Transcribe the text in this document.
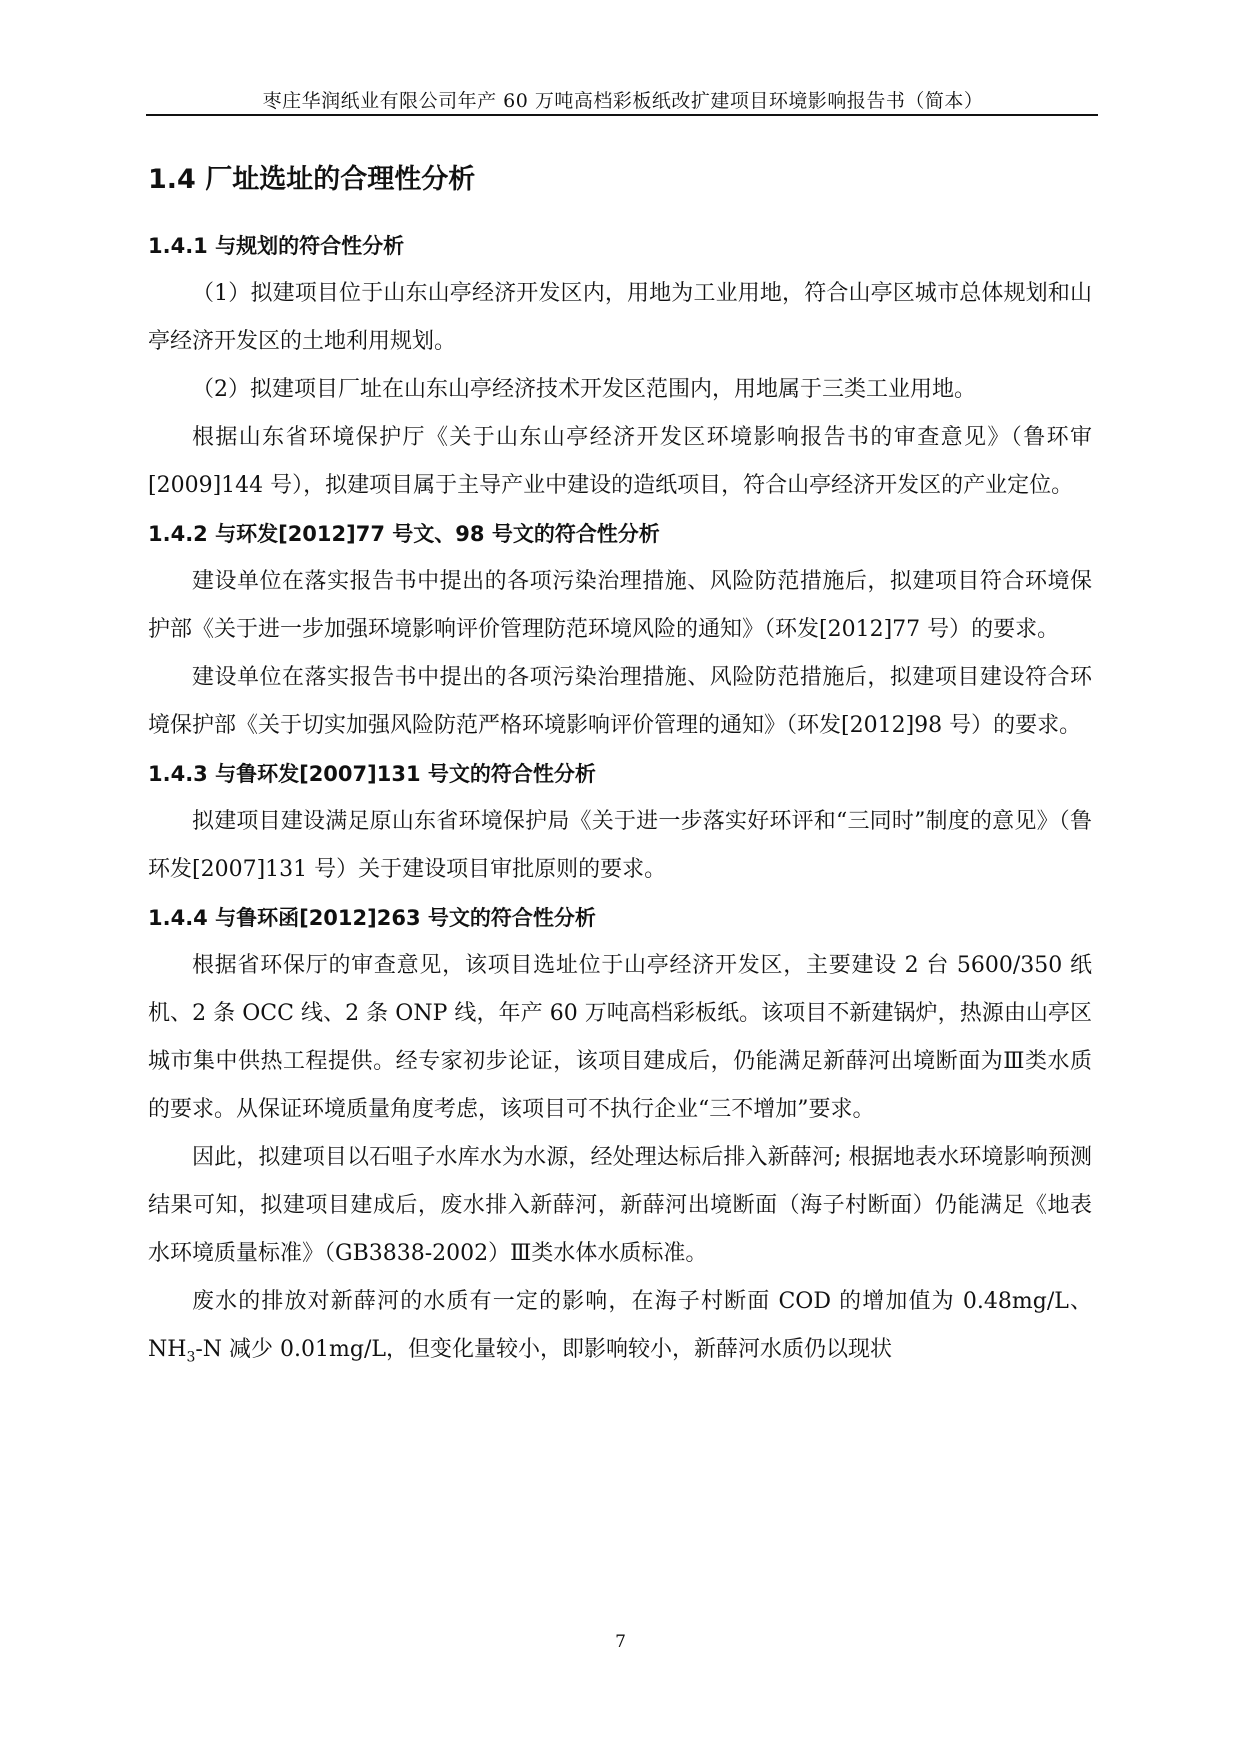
枣庄华润纸业有限公司年产 60 万吨高档彩板纸改扩建项目环境影响报告书（简本）
1.4 厂址选址的合理性分析
1.4.1 与规划的符合性分析

（1）拟建项目位于山东山亭经济开发区内，用地为工业用地，符合山亭区城市总体规划和山亭经济开发区的土地利用规划。

（2）拟建项目厂址在山东山亭经济技术开发区范围内，用地属于三类工业用地。

根据山东省环境保护厅《关于山东山亭经济开发区环境影响报告书的审查意见》（鲁环审[2009]144 号），拟建项目属于主导产业中建设的造纸项目，符合山亭经济开发区的产业定位。

1.4.2 与环发[2012]77 号文、98 号文的符合性分析

建设单位在落实报告书中提出的各项污染治理措施、风险防范措施后，拟建项目符合环境保护部《关于进一步加强环境影响评价管理防范环境风险的通知》（环发[2012]77 号）的要求。

建设单位在落实报告书中提出的各项污染治理措施、风险防范措施后，拟建项目建设符合环境保护部《关于切实加强风险防范严格环境影响评价管理的通知》（环发[2012]98 号）的要求。

1.4.3 与鲁环发[2007]131 号文的符合性分析

拟建项目建设满足原山东省环境保护局《关于进一步落实好环评和“三同时”制度的意见》（鲁环发[2007]131 号）关于建设项目审批原则的要求。

1.4.4 与鲁环函[2012]263 号文的符合性分析

根据省环保厅的审查意见，该项目选址位于山亭经济开发区，主要建设 2 台 5600/350 纸机、2 条 OCC 线、2 条 ONP 线，年产 60 万吨高档彩板纸。该项目不新建锅炉，热源由山亭区城市集中供热工程提供。经专家初步论证，该项目建成后，仍能满足新薛河出境断面为Ⅲ类水质的要求。从保证环境质量角度考虑，该项目可不执行企业“三不增加”要求。

因此，拟建项目以石咀子水库水为水源，经处理达标后排入新薛河; 根据地表水环境影响预测结果可知，拟建项目建成后，废水排入新薛河，新薛河出境断面（海子村断面）仍能满足《地表水环境质量标准》（GB3838-2002）Ⅲ类水体水质标准。

废水的排放对新薛河的水质有一定的影响，在海子村断面 COD 的增加值为 0.48mg/L、$NH_3-N$ 减少 0.01mg/L，但变化量较小，即影响较小，新薛河水质仍以现状

7
